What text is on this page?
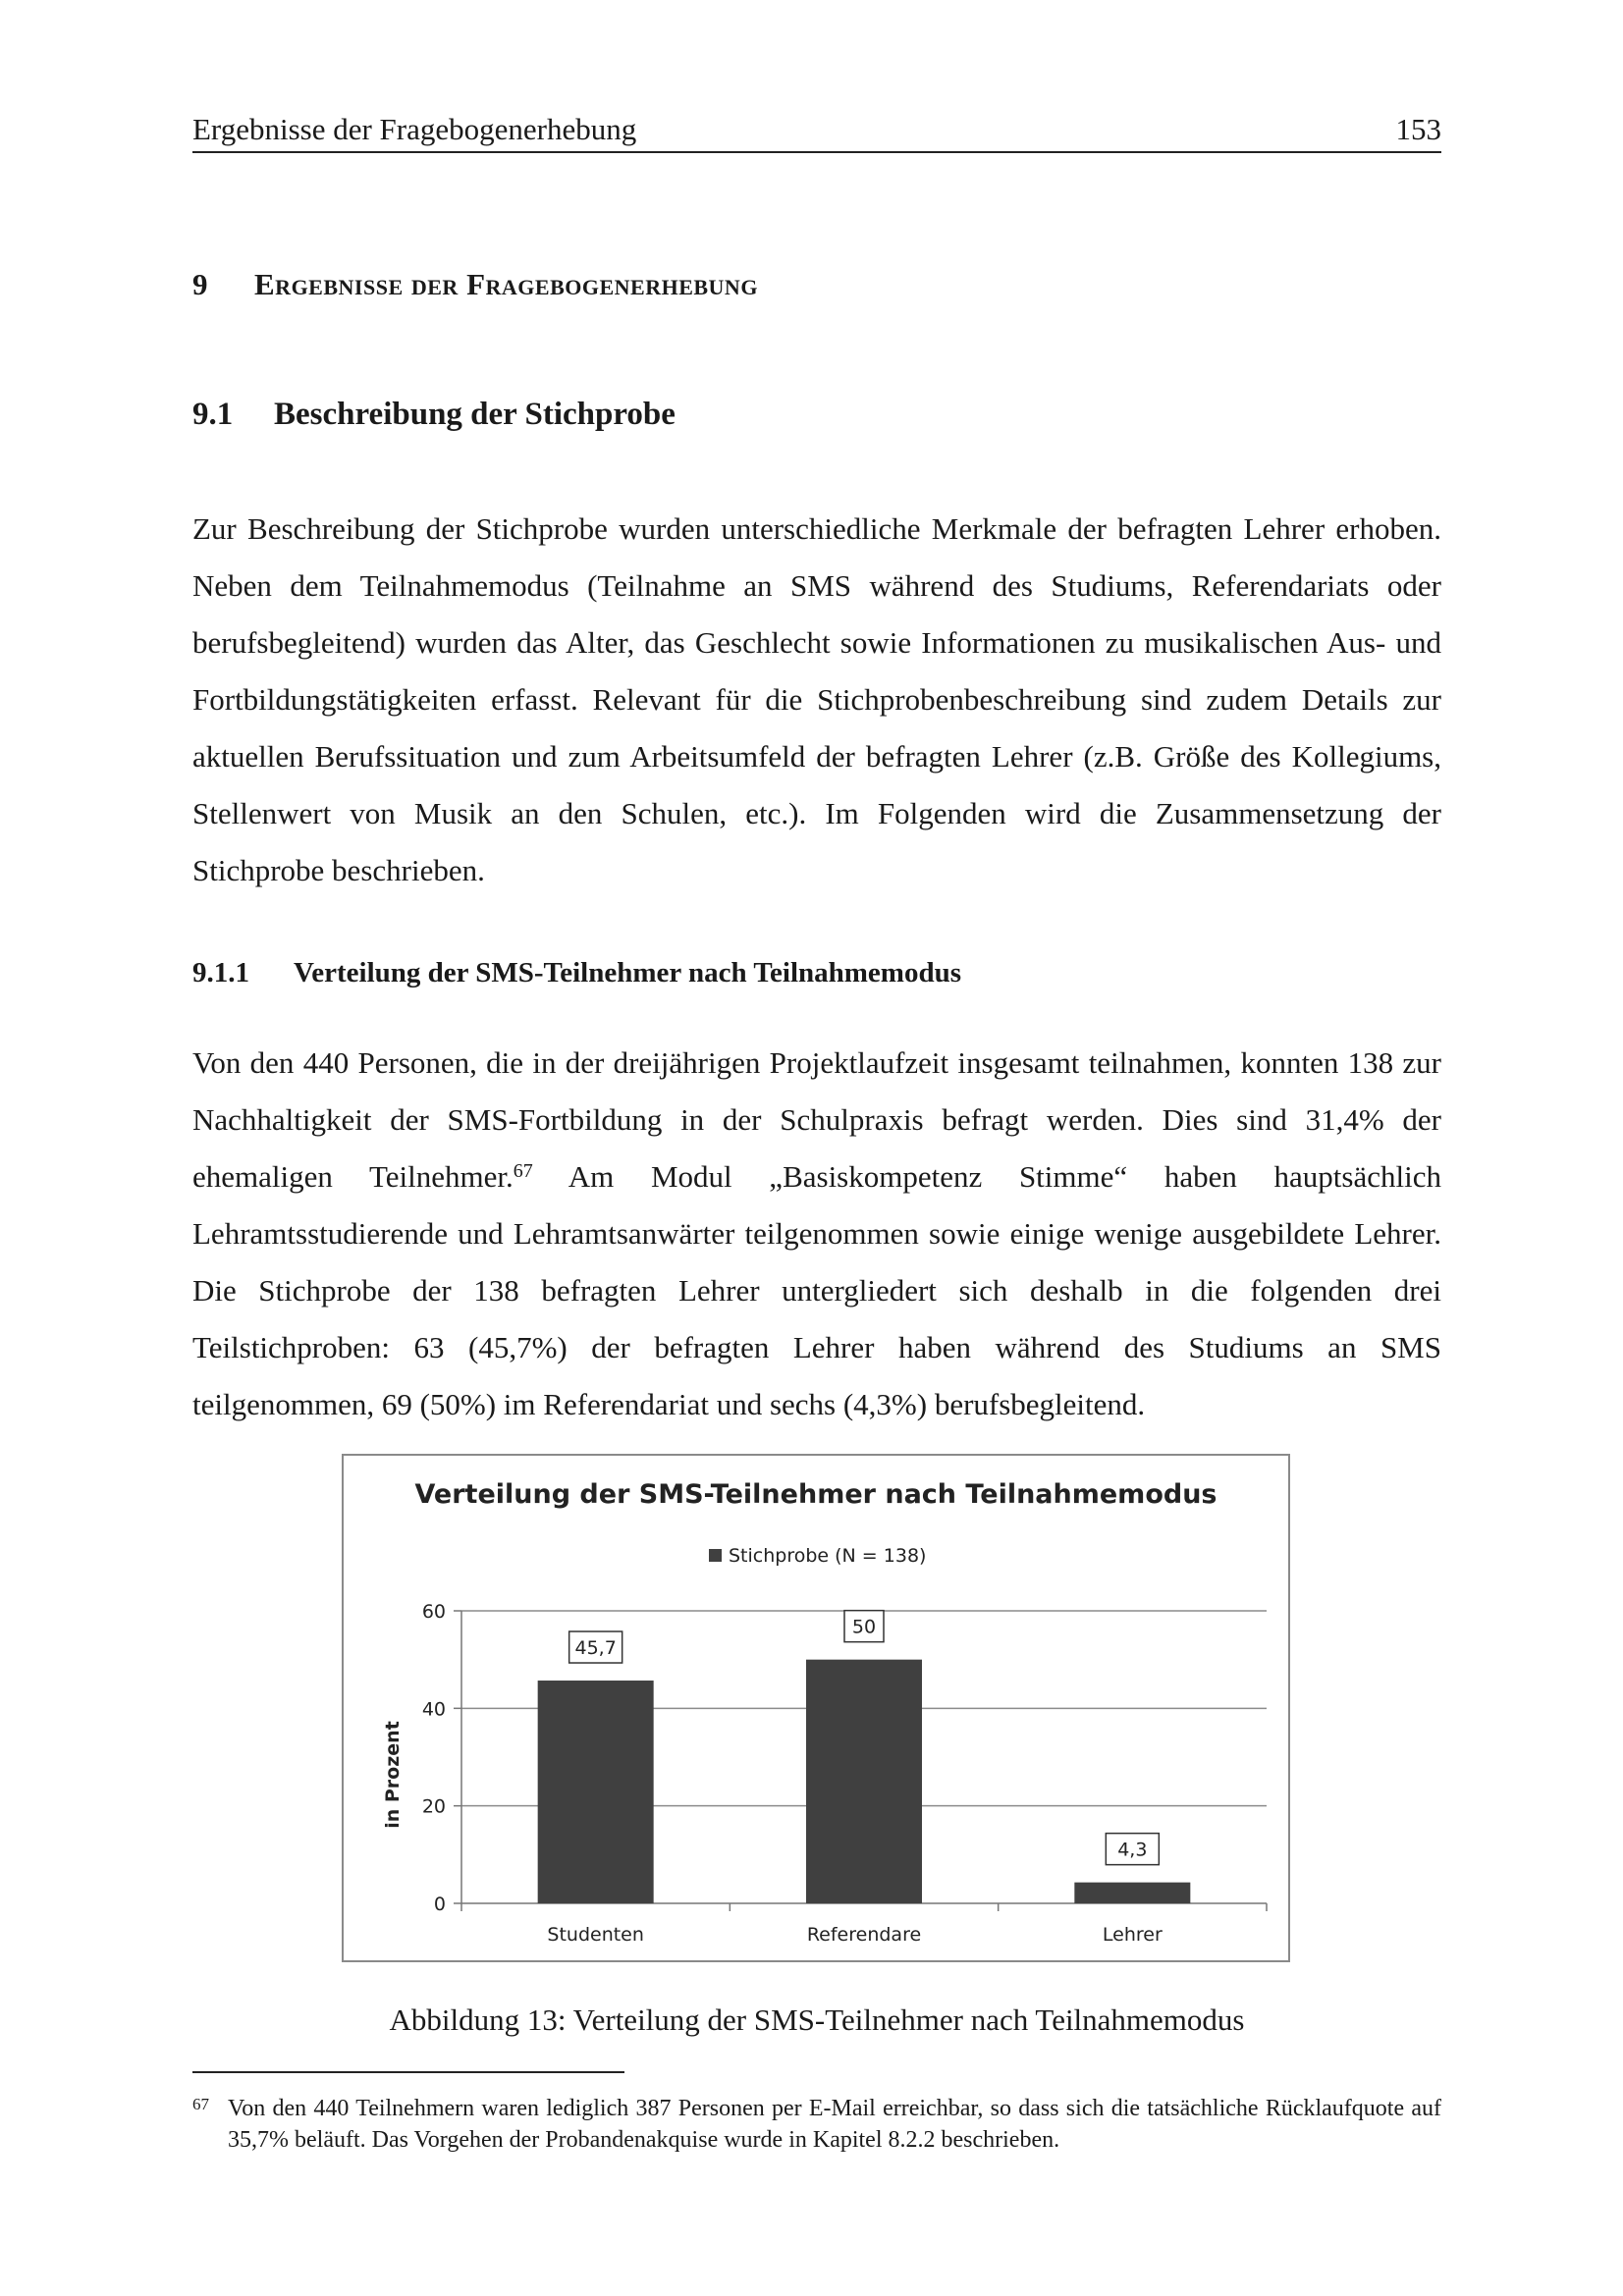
Ergebnisse der Fragebogenerhebung	153
9 Ergebnisse der Fragebogenerhebung
9.1 Beschreibung der Stichprobe

Zur Beschreibung der Stichprobe wurden unterschiedliche Merkmale der befragten Lehrer erhoben. Neben dem Teilnahmemodus (Teilnahme an SMS während des Studiums, Referendariats oder berufsbegleitend) wurden das Alter, das Geschlecht sowie Informationen zu musikalischen Aus- und Fortbildungstätigkeiten erfasst. Relevant für die Stichprobenbeschreibung sind zudem Details zur aktuellen Berufssituation und zum Arbeitsumfeld der befragten Lehrer (z.B. Größe des Kollegiums, Stellenwert von Musik an den Schulen, etc.). Im Folgenden wird die Zusammensetzung der Stichprobe beschrieben.

9.1.1 Verteilung der SMS-Teilnehmer nach Teilnahmemodus

Von den 440 Personen, die in der dreijährigen Projektlaufzeit insgesamt teilnahmen, konnten 138 zur Nachhaltigkeit der SMS-Fortbildung in der Schulpraxis befragt werden. Dies sind 31,4% der ehemaligen Teilnehmer.$^{67}$ Am Modul „Basiskompetenz Stimme“ haben hauptsächlich Lehramtsstudierende und Lehramtsanwärter teilgenommen sowie einige wenige ausgebildete Lehrer. Die Stichprobe der 138 befragten Lehrer untergliedert sich deshalb in die folgenden drei Teilstichproben: 63 (45,7%) der befragten Lehrer haben während des Studiums an SMS teilgenommen, 69 (50%) im Referendariat und sechs (4,3%) berufsbegleitend.

Verteilung der SMS-Teilnehmer nach Teilnahmemodus
Stichprobe (N = 138)
in Prozent
0
20
40
60
45,7
Studenten
50
Referendare
4,3
Lehrer
Abbildung 13: Verteilung der SMS-Teilnehmer nach Teilnahmemodus
67 Von den 440 Teilnehmern waren lediglich 387 Personen per E-Mail erreichbar, so dass sich die tatsächliche Rücklaufquote auf 35,7% beläuft. Das Vorgehen der Probandenakquise wurde in Kapitel 8.2.2 beschrieben.
